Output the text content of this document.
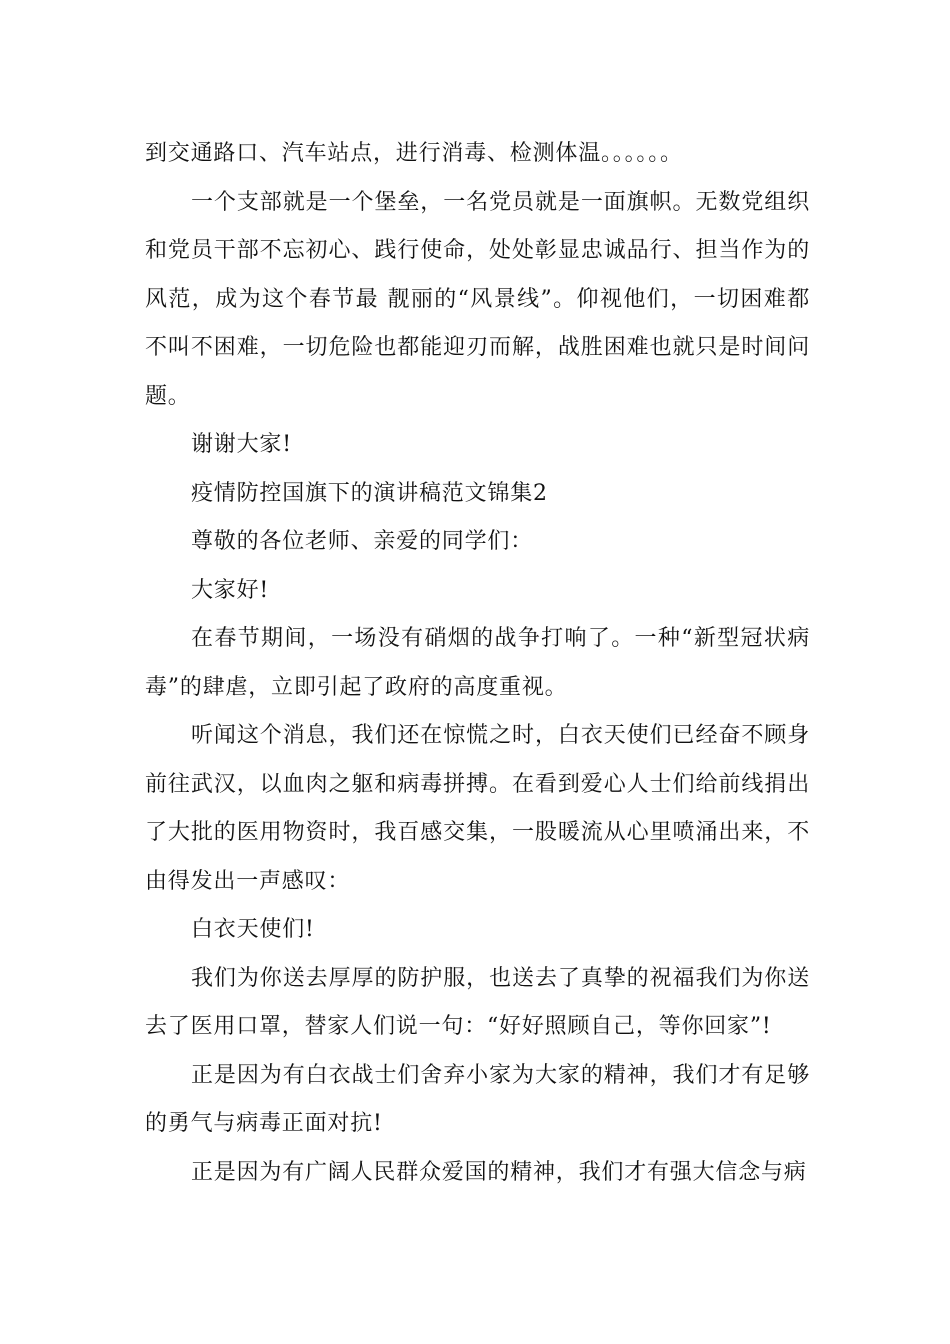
到交通路口、汽车站点，进行消毒、检测体温。。。。。。

一个支部就是一个堡垒，一名党员就是一面旗帜。无数党组织和党员干部不忘初心、践行使命，处处彰显忠诚品行、担当作为的风范，成为这个春节最 靓丽的“风景线”。仰视他们，一切困难都不叫不困难，一切危险也都能迎刃而解，战胜困难也就只是时间问题。

谢谢大家!

疫情防控国旗下的演讲稿范文锦集2

尊敬的各位老师、亲爱的同学们：

大家好!

在春节期间，一场没有硝烟的战争打响了。一种“新型冠状病毒”的肆虐，立即引起了政府的高度重视。

听闻这个消息，我们还在惊慌之时，白衣天使们已经奋不顾身前往武汉，以血肉之躯和病毒拼搏。在看到爱心人士们给前线捐出了大批的医用物资时，我百感交集，一股暖流从心里喷涌出来，不由得发出一声感叹：

白衣天使们!

我们为你送去厚厚的防护服，也送去了真挚的祝福我们为你送去了医用口罩，替家人们说一句：“好好照顾自己，等你回家”!

正是因为有白衣战士们舍弃小家为大家的精神，我们才有足够的勇气与病毒正面对抗!

正是因为有广阔人民群众爱国的精神，我们才有强大信念与病
